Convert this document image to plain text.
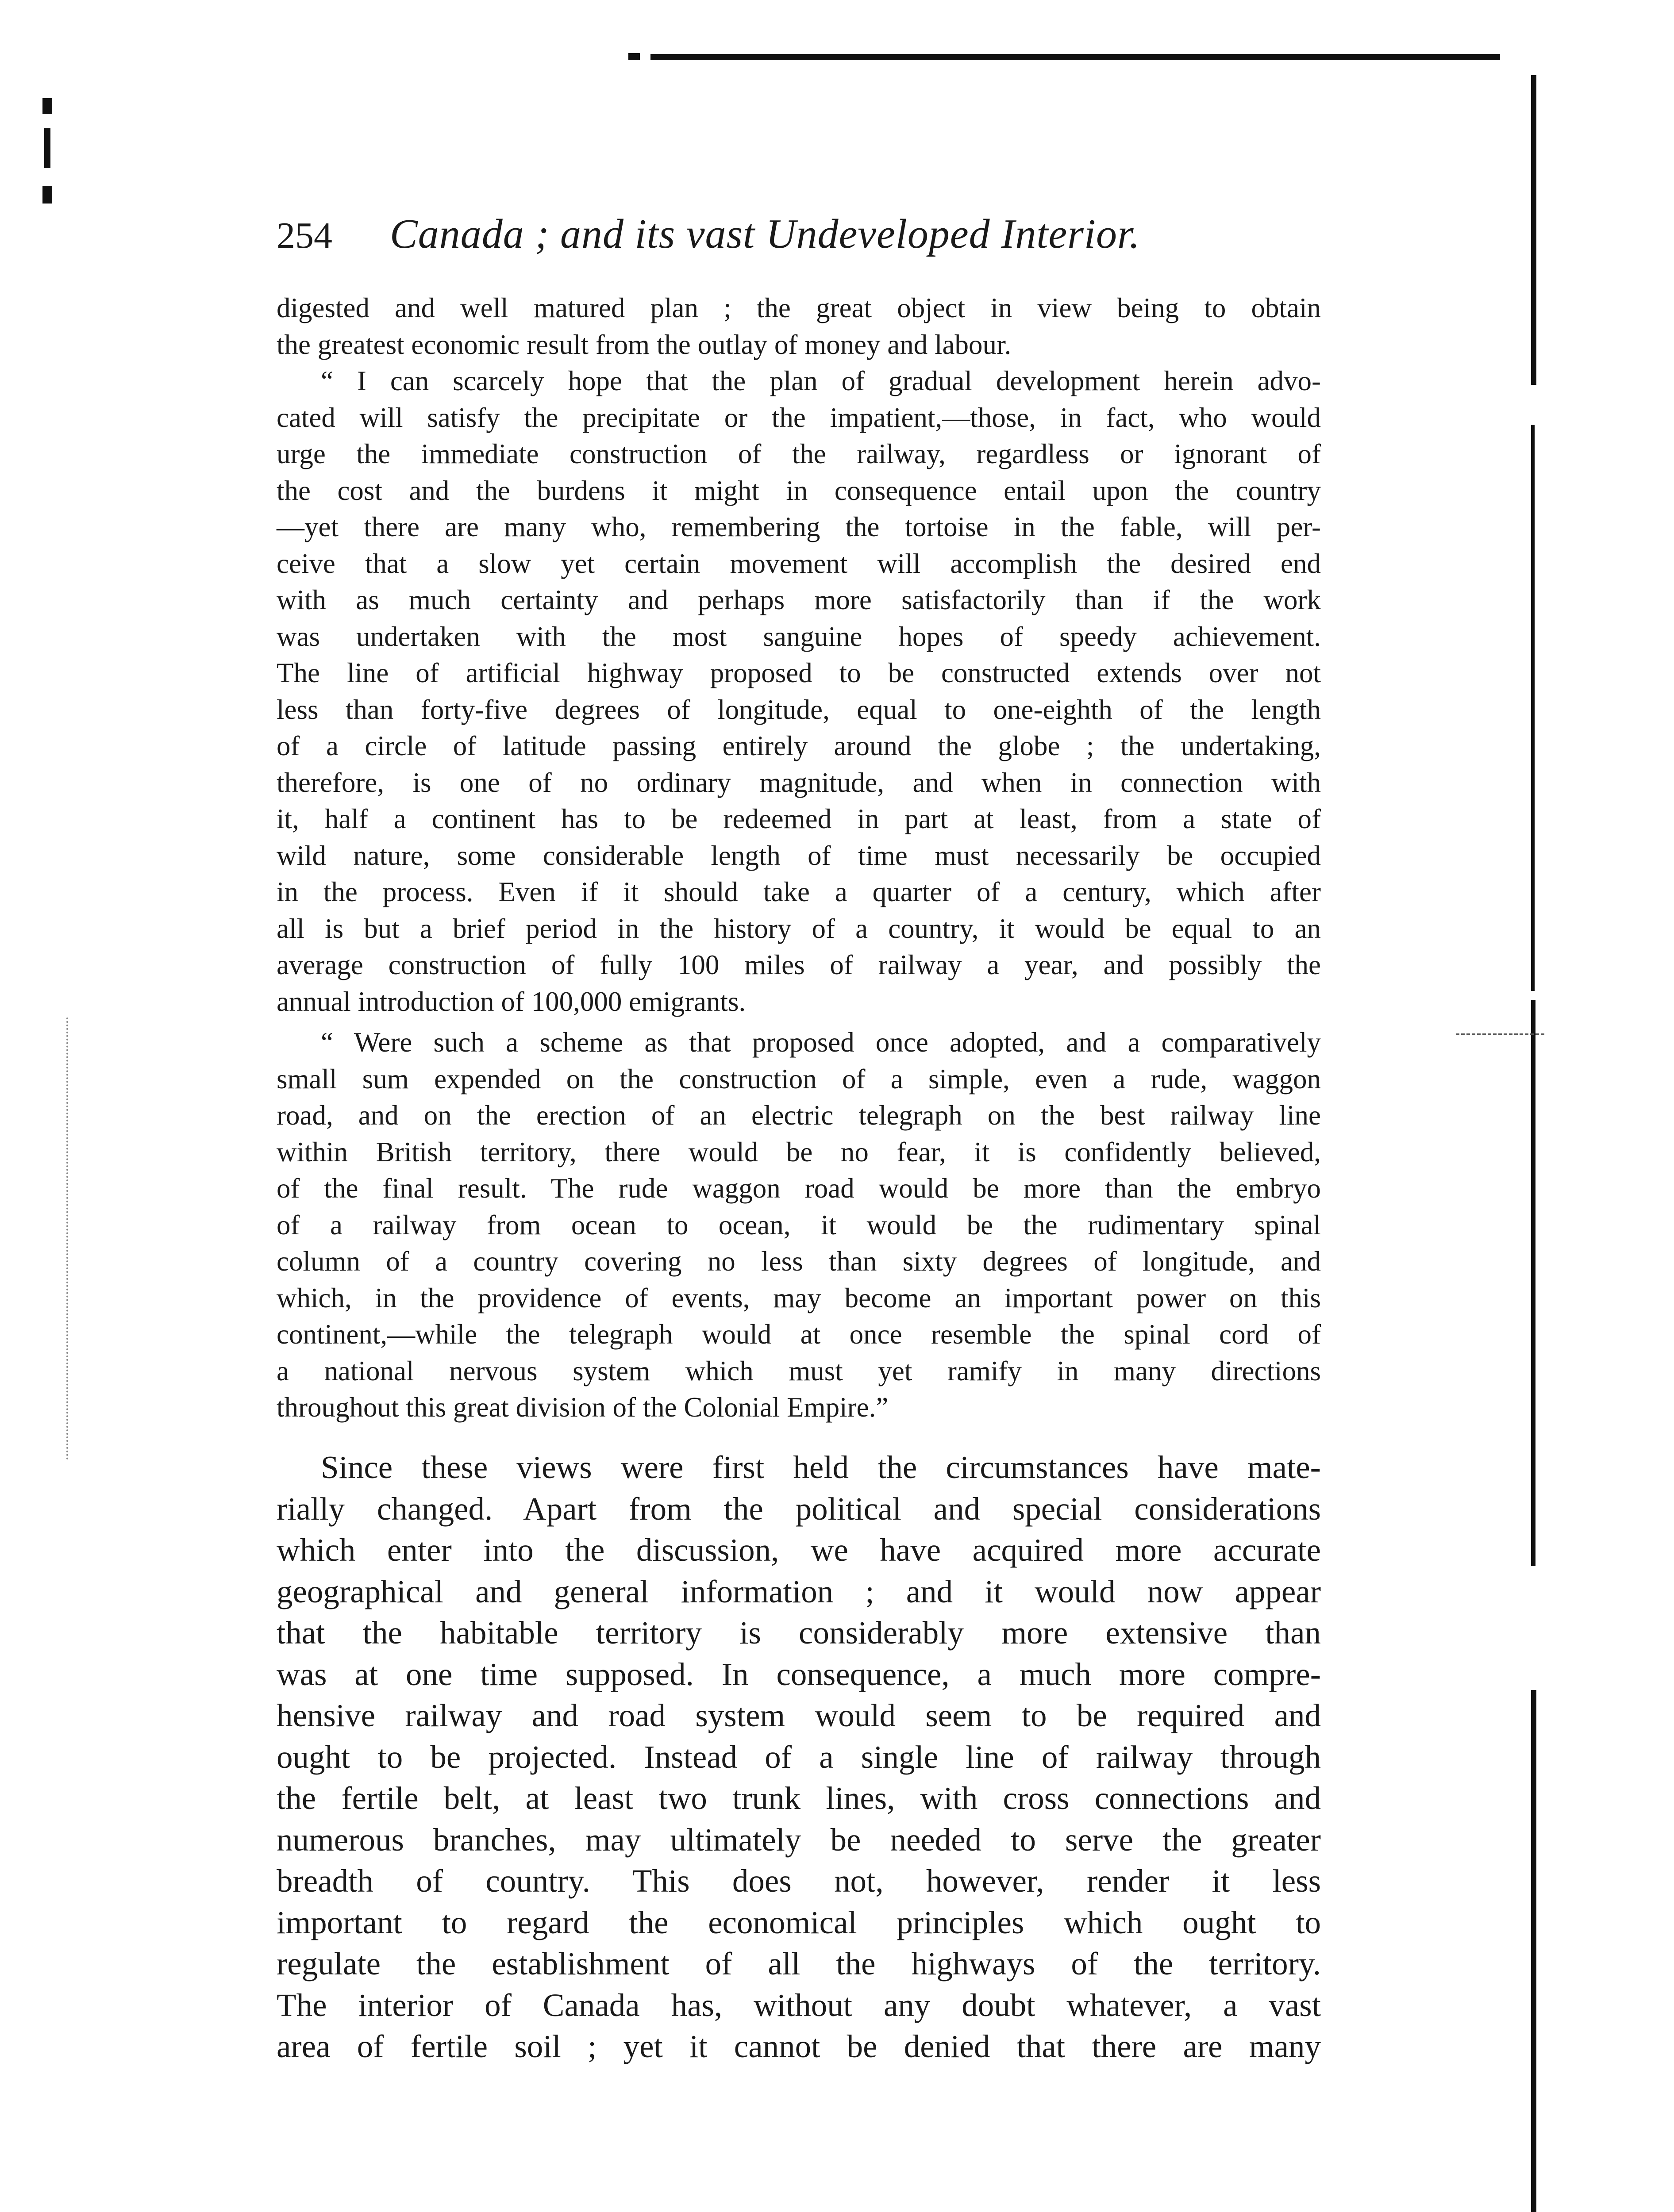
254 Canada ; and its vast Undeveloped Interior.
digested and well matured plan ; the great object in view being to obtain
the greatest economic result from the outlay of money and labour.
“ I can scarcely hope that the plan of gradual development herein advo-
cated will satisfy the precipitate or the impatient,—those, in fact, who would
urge the immediate construction of the railway, regardless or ignorant of
the cost and the burdens it might in consequence entail upon the country
—yet there are many who, remembering the tortoise in the fable, will per-
ceive that a slow yet certain movement will accomplish the desired end
with as much certainty and perhaps more satisfactorily than if the work
was undertaken with the most sanguine hopes of speedy achievement.
The line of artificial highway proposed to be constructed extends over not
less than forty-five degrees of longitude, equal to one-eighth of the length
of a circle of latitude passing entirely around the globe ; the undertaking,
therefore, is one of no ordinary magnitude, and when in connection with
it, half a continent has to be redeemed in part at least, from a state of
wild nature, some considerable length of time must necessarily be occupied
in the process. Even if it should take a quarter of a century, which after
all is but a brief period in the history of a country, it would be equal to an
average construction of fully 100 miles of railway a year, and possibly the
annual introduction of 100,000 emigrants.
“ Were such a scheme as that proposed once adopted, and a comparatively
small sum expended on the construction of a simple, even a rude, waggon
road, and on the erection of an electric telegraph on the best railway line
within British territory, there would be no fear, it is confidently believed,
of the final result. The rude waggon road would be more than the embryo
of a railway from ocean to ocean, it would be the rudimentary spinal
column of a country covering no less than sixty degrees of longitude, and
which, in the providence of events, may become an important power on this
continent,—while the telegraph would at once resemble the spinal cord of
a national nervous system which must yet ramify in many directions
throughout this great division of the Colonial Empire.”
Since these views were first held the circumstances have mate-
rially changed. Apart from the political and special considerations
which enter into the discussion, we have acquired more accurate
geographical and general information ; and it would now appear
that the habitable territory is considerably more extensive than
was at one time supposed. In consequence, a much more compre-
hensive railway and road system would seem to be required and
ought to be projected. Instead of a single line of railway through
the fertile belt, at least two trunk lines, with cross connections and
numerous branches, may ultimately be needed to serve the greater
breadth of country. This does not, however, render it less
important to regard the economical principles which ought to
regulate the establishment of all the highways of the territory.
The interior of Canada has, without any doubt whatever, a vast
area of fertile soil ; yet it cannot be denied that there are many
